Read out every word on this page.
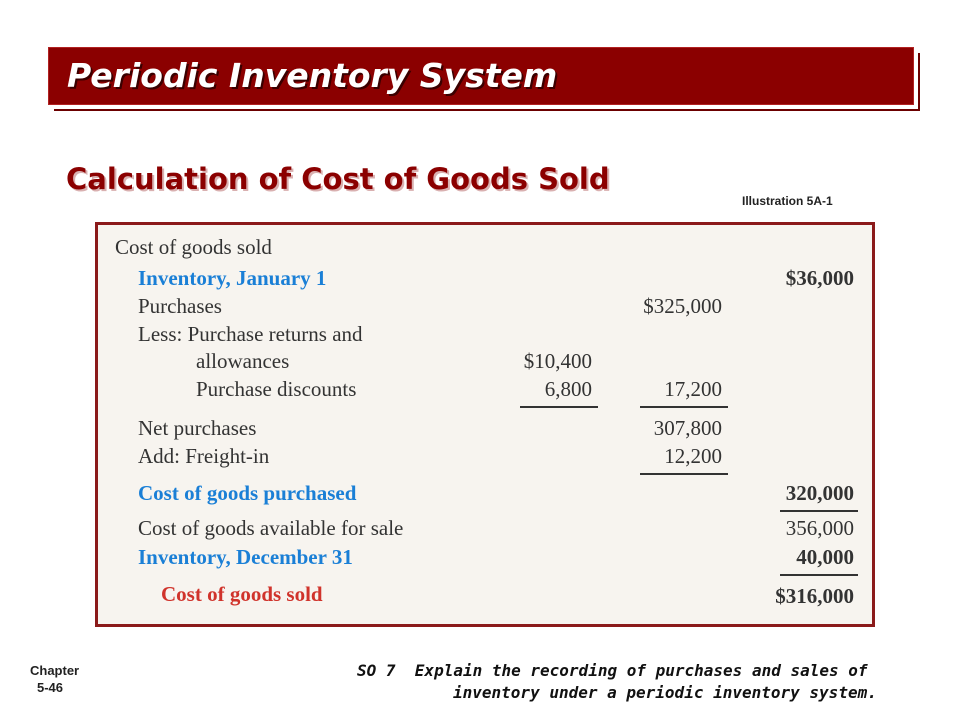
Periodic Inventory System
Calculation of Cost of Goods Sold
Illustration 5A-1
Cost of goods sold
Inventory, January 1	$36,000
Purchases	$325,000
Less: Purchase returns and
allowances	$10,400
Purchase discounts	6,800	17,200
Net purchases	307,800
Add: Freight-in	12,200
Cost of goods purchased	320,000
Cost of goods available for sale	356,000
Inventory, December 31	40,000
Cost of goods sold	$316,000
Chapter
5-46
SO 7  Explain the recording of purchases and sales of
inventory under a periodic inventory system.
